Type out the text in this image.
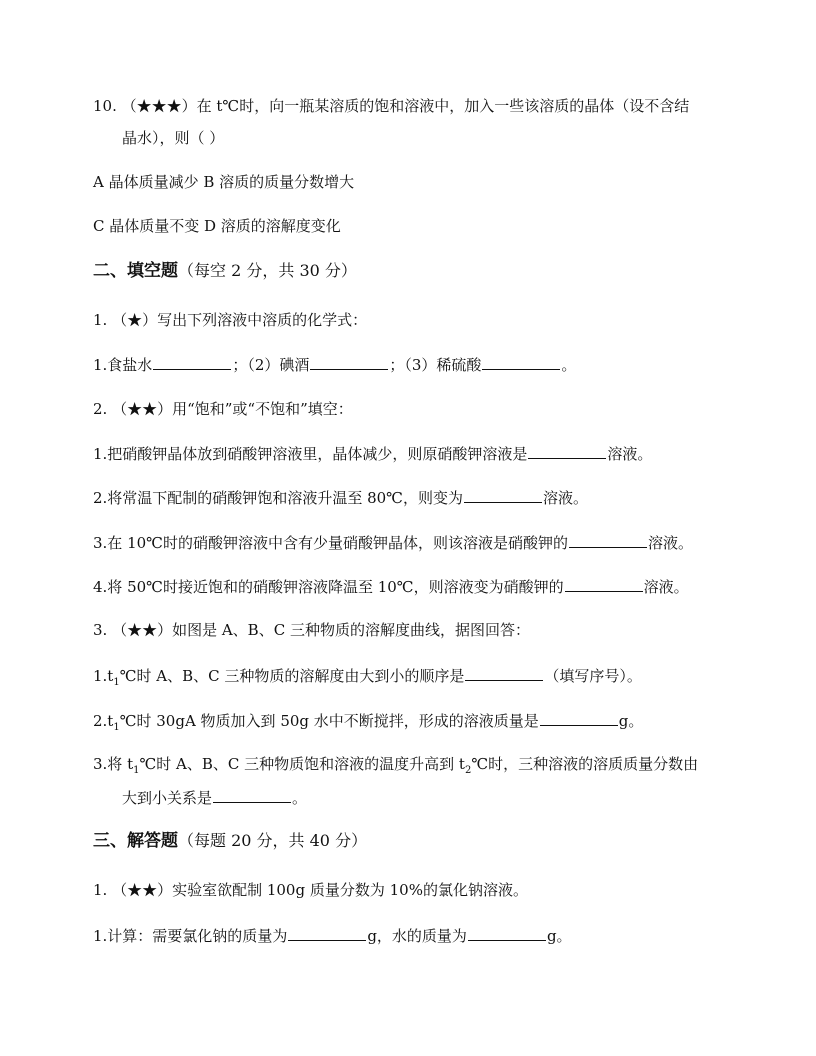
10. （★★★）在 t℃时，向一瓶某溶质的饱和溶液中，加入一些该溶质的晶体（设不含结
晶水），则（ ）
A 晶体质量减少 B 溶质的质量分数增大
C 晶体质量不变 D 溶质的溶解度变化
二、填空题（每空 2 分，共 30 分）
1. （★）写出下列溶液中溶质的化学式：
1.食盐水	；（2）碘酒	；（3）稀硫酸	。
2. （★★）用“饱和”或“不饱和”填空：
1.把硝酸钾晶体放到硝酸钾溶液里，晶体减少，则原硝酸钾溶液是	溶液。
2.将常温下配制的硝酸钾饱和溶液升温至 80℃，则变为	溶液。
3.在 10℃时的硝酸钾溶液中含有少量硝酸钾晶体，则该溶液是硝酸钾的	溶液。
4.将 50℃时接近饱和的硝酸钾溶液降温至 10℃，则溶液变为硝酸钾的	溶液。
3. （★★）如图是 A、B、C 三种物质的溶解度曲线，据图回答：
$1.t_1℃$时 A、B、C 三种物质的溶解度由大到小的顺序是	（填写序号）。
$2.t_1℃$时 30gA 物质加入到 50g 水中不断搅拌，形成的溶液质量是	g。
3.将 $t_1℃$时 A、B、C 三种物质饱和溶液的温度升高到 $t_2℃$时，三种溶液的溶质质量分数由
大到小关系是	。
三、解答题（每题 20 分，共 40 分）
1. （★★）实验室欲配制 100g 质量分数为 10%的氯化钠溶液。
1.计算：需要氯化钠的质量为	g，水的质量为	g。
